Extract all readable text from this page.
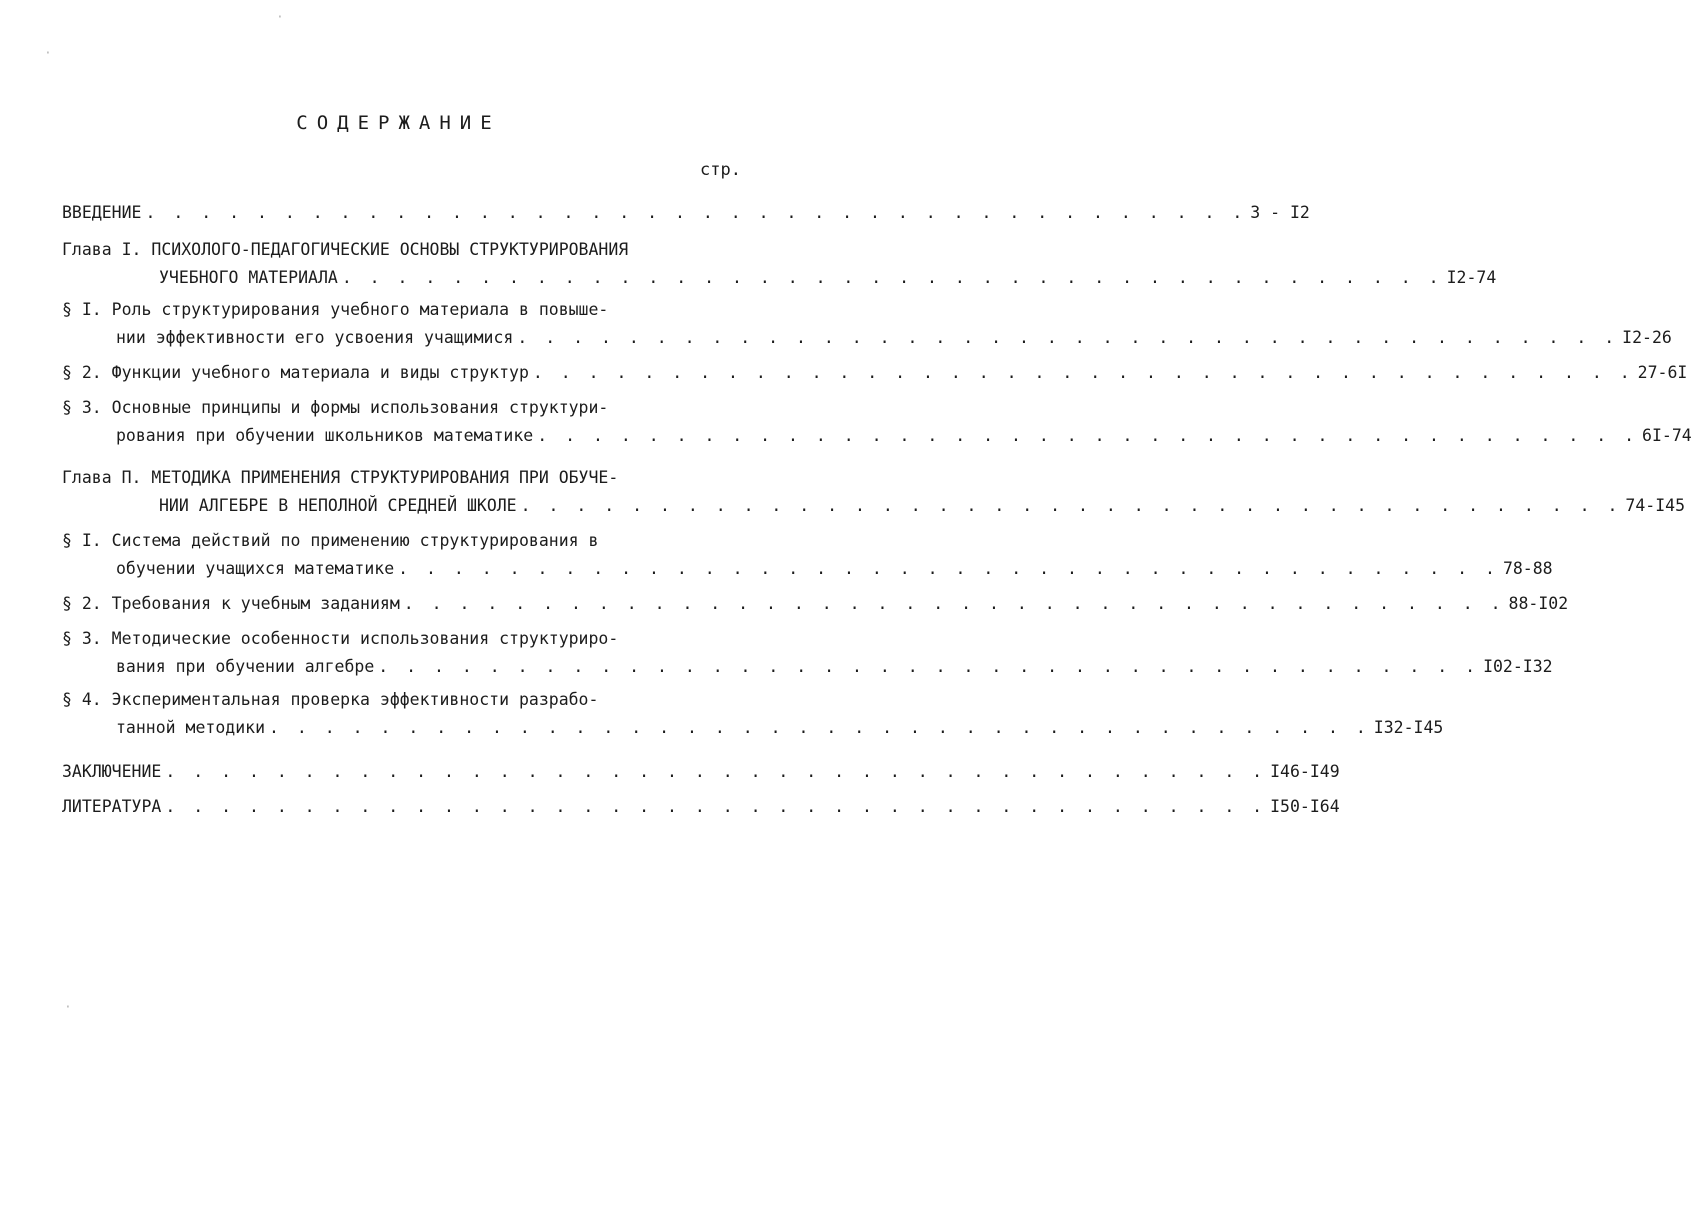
СОДЕРЖАНИЕ
стр.
ВВЕДЕНИЕ . . . . . . . . . . . . . . . . . . . . . . . . . . . . . . . . . . . . . . . . 3 - I2
Глава I. ПСИХОЛОГО-ПЕДАГОГИЧЕСКИЕ ОСНОВЫ СТРУКТУРИРОВАНИЯ
УЧЕБНОГО МАТЕРИАЛА . . . . . . . . . . . . . . . . . . . . . . . . . . . . . . . . . . . . . . . . I2-74
§ I. Роль структурирования учебного материала в повыше-
нии эффективности его усвоения учащимися . . . . . . . . . . . . . . . . . . . . . . . . . . . . . . . . . . . . . . . . I2-26
§ 2. Функции учебного материала и виды структур . . . . . . . . . . . . . . . . . . . . . . . . . . . . . . . . . . . . . . . . 27-6I
§ 3. Основные принципы и формы использования структури-
рования при обучении школьников математике . . . . . . . . . . . . . . . . . . . . . . . . . . . . . . . . . . . . . . . . 6I-74
Глава П. МЕТОДИКА ПРИМЕНЕНИЯ СТРУКТУРИРОВАНИЯ ПРИ ОБУЧЕ-
НИИ АЛГЕБРЕ В НЕПОЛНОЙ СРЕДНЕЙ ШКОЛЕ . . . . . . . . . . . . . . . . . . . . . . . . . . . . . . . . . . . . . . . . 74-I45
§ I. Система действий по применению структурирования в
обучении учащихся математике . . . . . . . . . . . . . . . . . . . . . . . . . . . . . . . . . . . . . . . . 78-88
§ 2. Требования к учебным заданиям . . . . . . . . . . . . . . . . . . . . . . . . . . . . . . . . . . . . . . . . 88-I02
§ 3. Методические особенности использования структуриро-
вания при обучении алгебре . . . . . . . . . . . . . . . . . . . . . . . . . . . . . . . . . . . . . . . . I02-I32
§ 4. Экспериментальная проверка эффективности разрабо-
танной методики . . . . . . . . . . . . . . . . . . . . . . . . . . . . . . . . . . . . . . . . I32-I45
ЗАКЛЮЧЕНИЕ . . . . . . . . . . . . . . . . . . . . . . . . . . . . . . . . . . . . . . . . I46-I49
ЛИТЕРАТУРА . . . . . . . . . . . . . . . . . . . . . . . . . . . . . . . . . . . . . . . . I50-I64
·
·
·
